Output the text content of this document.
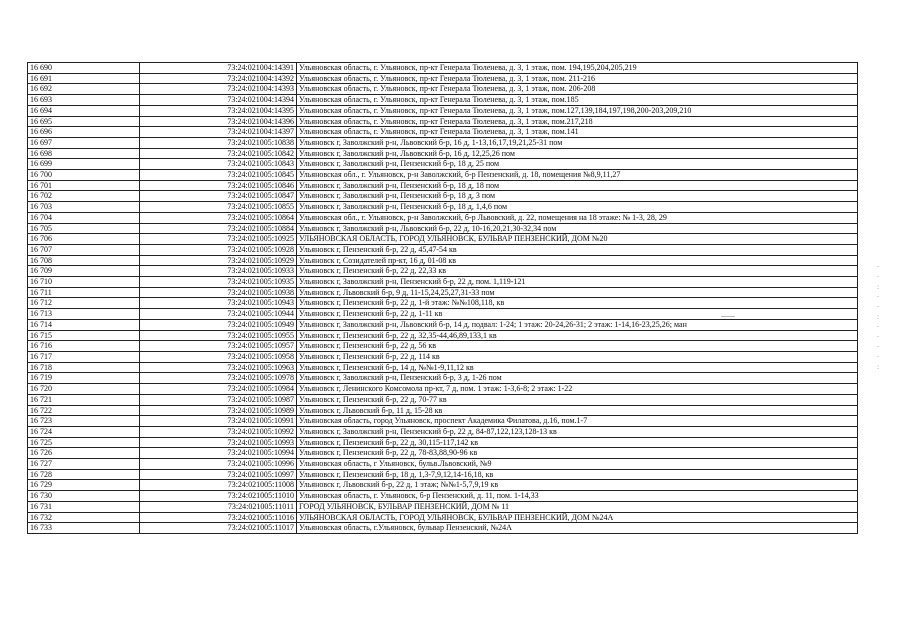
16 690	73:24:021004:14391	Ульяновская область, г. Ульяновск, пр-кт Генерала Тюленева, д. 3, 1 этаж, пом. 194,195,204,205,219
16 691	73:24:021004:14392	Ульяновская область, г. Ульяновск, пр-кт Генерала Тюленева, д. 3, 1 этаж, пом. 211-216
16 692	73:24:021004:14393	Ульяновская область, г. Ульяновск, пр-кт Генерала Тюленева, д. 3, 1 этаж, пом. 206-208
16 693	73:24:021004:14394	Ульяновская область, г. Ульяновск, пр-кт Генерала Тюленева, д. 3, 1 этаж, пом.185
16 694	73:24:021004:14395	Ульяновская область, г. Ульяновск, пр-кт Генерала Тюленева, д. 3, 1 этаж, пом.127,139,184,197,198,200-203,209,210
16 695	73:24:021004:14396	Ульяновская область, г. Ульяновск, пр-кт Генерала Тюленева, д. 3, 1 этаж, пом.217,218
16 696	73:24:021004:14397	Ульяновская область, г. Ульяновск, пр-кт Генерала Тюленева, д. 3, 1 этаж, пом.141
16 697	73:24:021005:10838	Ульяновск г, Заволжский р-н, Львовский б-р, 16 д, 1-13,16,17,19,21,25-31 пом
16 698	73:24:021005:10842	Ульяновск г, Заволжский р-н, Львовский б-р, 16 д, 12,25,26 пом
16 699	73:24:021005:10843	Ульяновск г, Заволжский р-н, Пензенский б-р, 18 д, 25 пом
16 700	73:24:021005:10845	Ульяновская обл., г. Ульяновск, р-н Заволжский, б-р Пензенский, д. 18, помещения №8,9,11,27
16 701	73:24:021005:10846	Ульяновск г, Заволжский р-н, Пензенский б-р, 18 д, 18 пом
16 702	73:24:021005:10847	Ульяновск г, Заволжский р-н, Пензенский б-р, 18 д, 3 пом
16 703	73:24:021005:10855	Ульяновск г, Заволжский р-н, Пензенский б-р, 18 д, 1,4,6 пом
16 704	73:24:021005:10864	Ульяновская обл., г. Ульяновск, р-н Заволжский, б-р Львовский, д. 22, помещения на 18 этаже: № 1-3, 28, 29
16 705	73:24:021005:10884	Ульяновск г, Заволжский р-н, Львовский б-р, 22 д, 10-16,20,21,30-32,34 пом
16 706	73:24:021005:10925	УЛЬЯНОВСКАЯ ОБЛАСТЬ, ГОРОД УЛЬЯНОВСК, БУЛЬВАР ПЕНЗЕНСКИЙ, ДОМ №20
16 707	73:24:021005:10928	Ульяновск г, Пензенский б-р, 22 д, 45,47-54 кв
16 708	73:24:021005:10929	Ульяновск г, Созидателей пр-кт, 16 д, 01-08 кв
16 709	73:24:021005:10933	Ульяновск г, Пензенский б-р, 22 д, 22,33 кв
16 710	73:24:021005:10935	Ульяновск г, Заволжский р-н, Пензенский б-р, 22 д, пом. 1,119-121
16 711	73:24:021005:10938	Ульяновск г, Львовский б-р, 9 д, 11-15,24,25,27,31-33 пом
16 712	73:24:021005:10943	Ульяновск г, Пензенский б-р, 22 д, 1-й этаж: №№108,118, кв
16 713	73:24:021005:10944	Ульяновск г, Пензенский б-р, 22 д, 1-11 кв
16 714	73:24:021005:10949	Ульяновск г, Заволжский р-н, Львовский б-р, 14 д, подвал: 1-24; 1 этаж: 20-24,26-31; 2 этаж: 1-14,16-23,25,26; ман
16 715	73:24:021005:10955	Ульяновск г, Пензенский б-р, 22 д, 32,35-44,46,89,133,1 кв
16 716	73:24:021005:10957	Ульяновск г, Пензенский б-р, 22 д, 56 кв
16 717	73:24:021005:10958	Ульяновск г, Пензенский б-р, 22 д, 114 кв
16 718	73:24:021005:10963	Ульяновск г, Пензенский б-р, 14 д, №№1-9,11,12 кв
16 719	73:24:021005:10978	Ульяновск г, Заволжский р-н, Пензенский б-р, 3 д, 1-26 пом
16 720	73:24:021005:10984	Ульяновск г, Ленинского Комсомола пр-кт, 7 д, пом. 1 этаж: 1-3,6-8; 2 этаж: 1-22
16 721	73:24:021005:10987	Ульяновск г, Пензенский б-р, 22 д, 70-77 кв
16 722	73:24:021005:10989	Ульяновск г, Львовский б-р, 11 д, 15-28 кв
16 723	73:24:021005:10991	Ульяновская область, город Ульяновск, проспект Академика Филатова, д.16, пом.1-7
16 724	73:24:021005:10992	Ульяновск г, Заволжский р-н, Пензенский б-р, 22 д, 84-87,122,123,128-13 кв
16 725	73:24:021005:10993	Ульяновск г, Пензенский б-р, 22 д, 30,115-117,142 кв
16 726	73:24:021005:10994	Ульяновск г, Пензенский б-р, 22 д, 78-83,88,90-96 кв
16 727	73:24:021005:10996	Ульяновская область, г Ульяновск, бульв.Львовский, №9
16 728	73:24:021005:10997	Ульяновск г, Пензенский б-р, 18 д, 1,3-7,9,12,14-16,18, кв
16 729	73:24:021005:11008	Ульяновск г, Львовский б-р, 22 д, 1 этаж; №№1-5,7,9,19 кв
16 730	73:24:021005:11010	Ульяновская область, г. Ульяновск, б-р Пензенский, д. 11, пом. 1-14,33
16 731	73:24:021005:11011	ГОРОД УЛЬЯНОВСК, БУЛЬВАР ПЕНЗЕНСКИЙ, ДОМ № 11
16 732	73:24:021005:11016	УЛЬЯНОВСКАЯ ОБЛАСТЬ, ГОРОД УЛЬЯНОВСК, БУЛЬВАР ПЕНЗЕНСКИЙ, ДОМ №24А
16 733	73:24:021005:11017	Ульяновская область, г.Ульяновск, бульвар Пензенский, №24А
·
·
:
·
·
:
·
·
·
·
:
